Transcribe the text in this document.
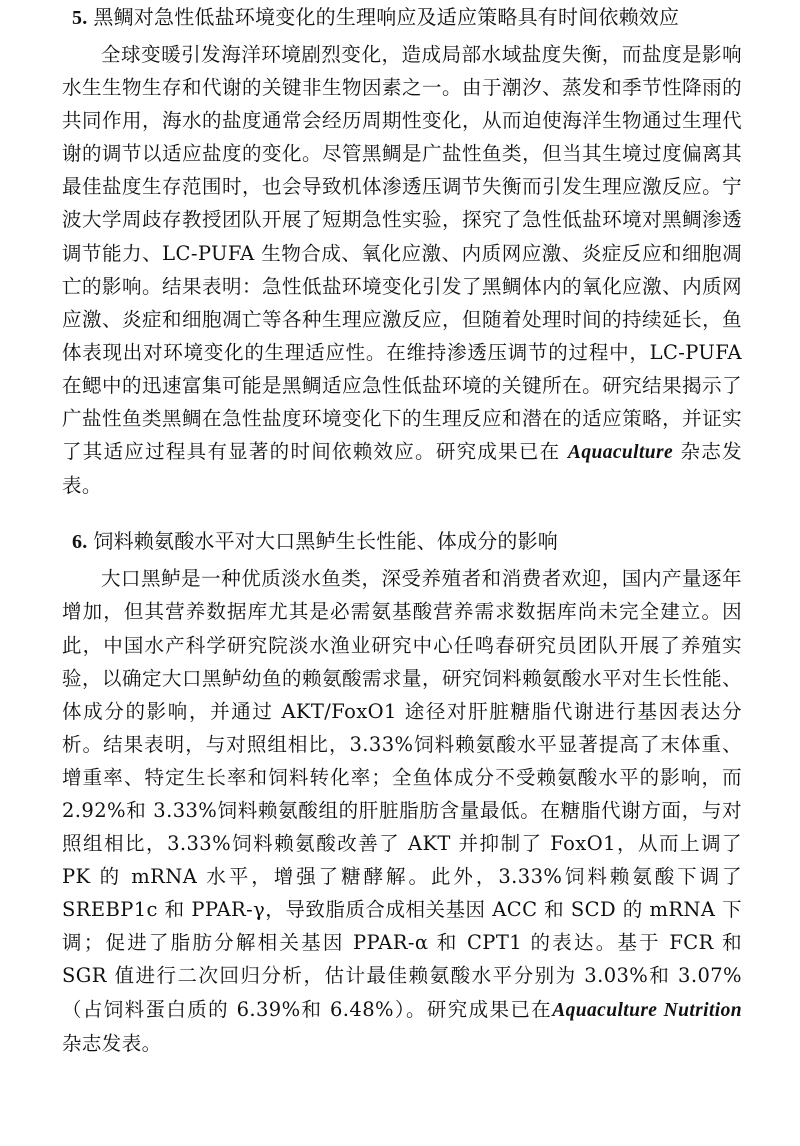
5. 黑鲷对急性低盐环境变化的生理响应及适应策略具有时间依赖效应

全球变暖引发海洋环境剧烈变化，造成局部水域盐度失衡，而盐度是影响水生生物生存和代谢的关键非生物因素之一。由于潮汐、蒸发和季节性降雨的共同作用，海水的盐度通常会经历周期性变化，从而迫使海洋生物通过生理代谢的调节以适应盐度的变化。尽管黑鲷是广盐性鱼类，但当其生境过度偏离其最佳盐度生存范围时，也会导致机体渗透压调节失衡而引发生理应激反应。宁波大学周歧存教授团队开展了短期急性实验，探究了急性低盐环境对黑鲷渗透调节能力、LC-PUFA 生物合成、氧化应激、内质网应激、炎症反应和细胞凋亡的影响。结果表明：急性低盐环境变化引发了黑鲷体内的氧化应激、内质网应激、炎症和细胞凋亡等各种生理应激反应，但随着处理时间的持续延长，鱼体表现出对环境变化的生理适应性。在维持渗透压调节的过程中，LC-PUFA 在鳃中的迅速富集可能是黑鲷适应急性低盐环境的关键所在。研究结果揭示了广盐性鱼类黑鲷在急性盐度环境变化下的生理反应和潜在的适应策略，并证实了其适应过程具有显著的时间依赖效应。研究成果已在 Aquaculture 杂志发表。

6. 饲料赖氨酸水平对大口黑鲈生长性能、体成分的影响

大口黑鲈是一种优质淡水鱼类，深受养殖者和消费者欢迎，国内产量逐年增加，但其营养数据库尤其是必需氨基酸营养需求数据库尚未完全建立。因此，中国水产科学研究院淡水渔业研究中心任鸣春研究员团队开展了养殖实验，以确定大口黑鲈幼鱼的赖氨酸需求量，研究饲料赖氨酸水平对生长性能、体成分的影响，并通过 AKT/FoxO1 途径对肝脏糖脂代谢进行基因表达分析。结果表明，与对照组相比，3.33%饲料赖氨酸水平显著提高了末体重、增重率、特定生长率和饲料转化率；全鱼体成分不受赖氨酸水平的影响，而 2.92%和 3.33%饲料赖氨酸组的肝脏脂肪含量最低。在糖脂代谢方面，与对照组相比，3.33%饲料赖氨酸改善了 AKT 并抑制了 FoxO1，从而上调了 PK 的 mRNA 水平，增强了糖酵解。此外，3.33%饲料赖氨酸下调了 SREBP1c 和 PPAR-γ，导致脂质合成相关基因 ACC 和 SCD 的 mRNA 下调；促进了脂肪分解相关基因 PPAR-α 和 CPT1 的表达。基于 FCR 和 SGR 值进行二次回归分析，估计最佳赖氨酸水平分别为 3.03%和 3.07%（占饲料蛋白质的 6.39%和 6.48%）。研究成果已在Aquaculture Nutrition 杂志发表。
